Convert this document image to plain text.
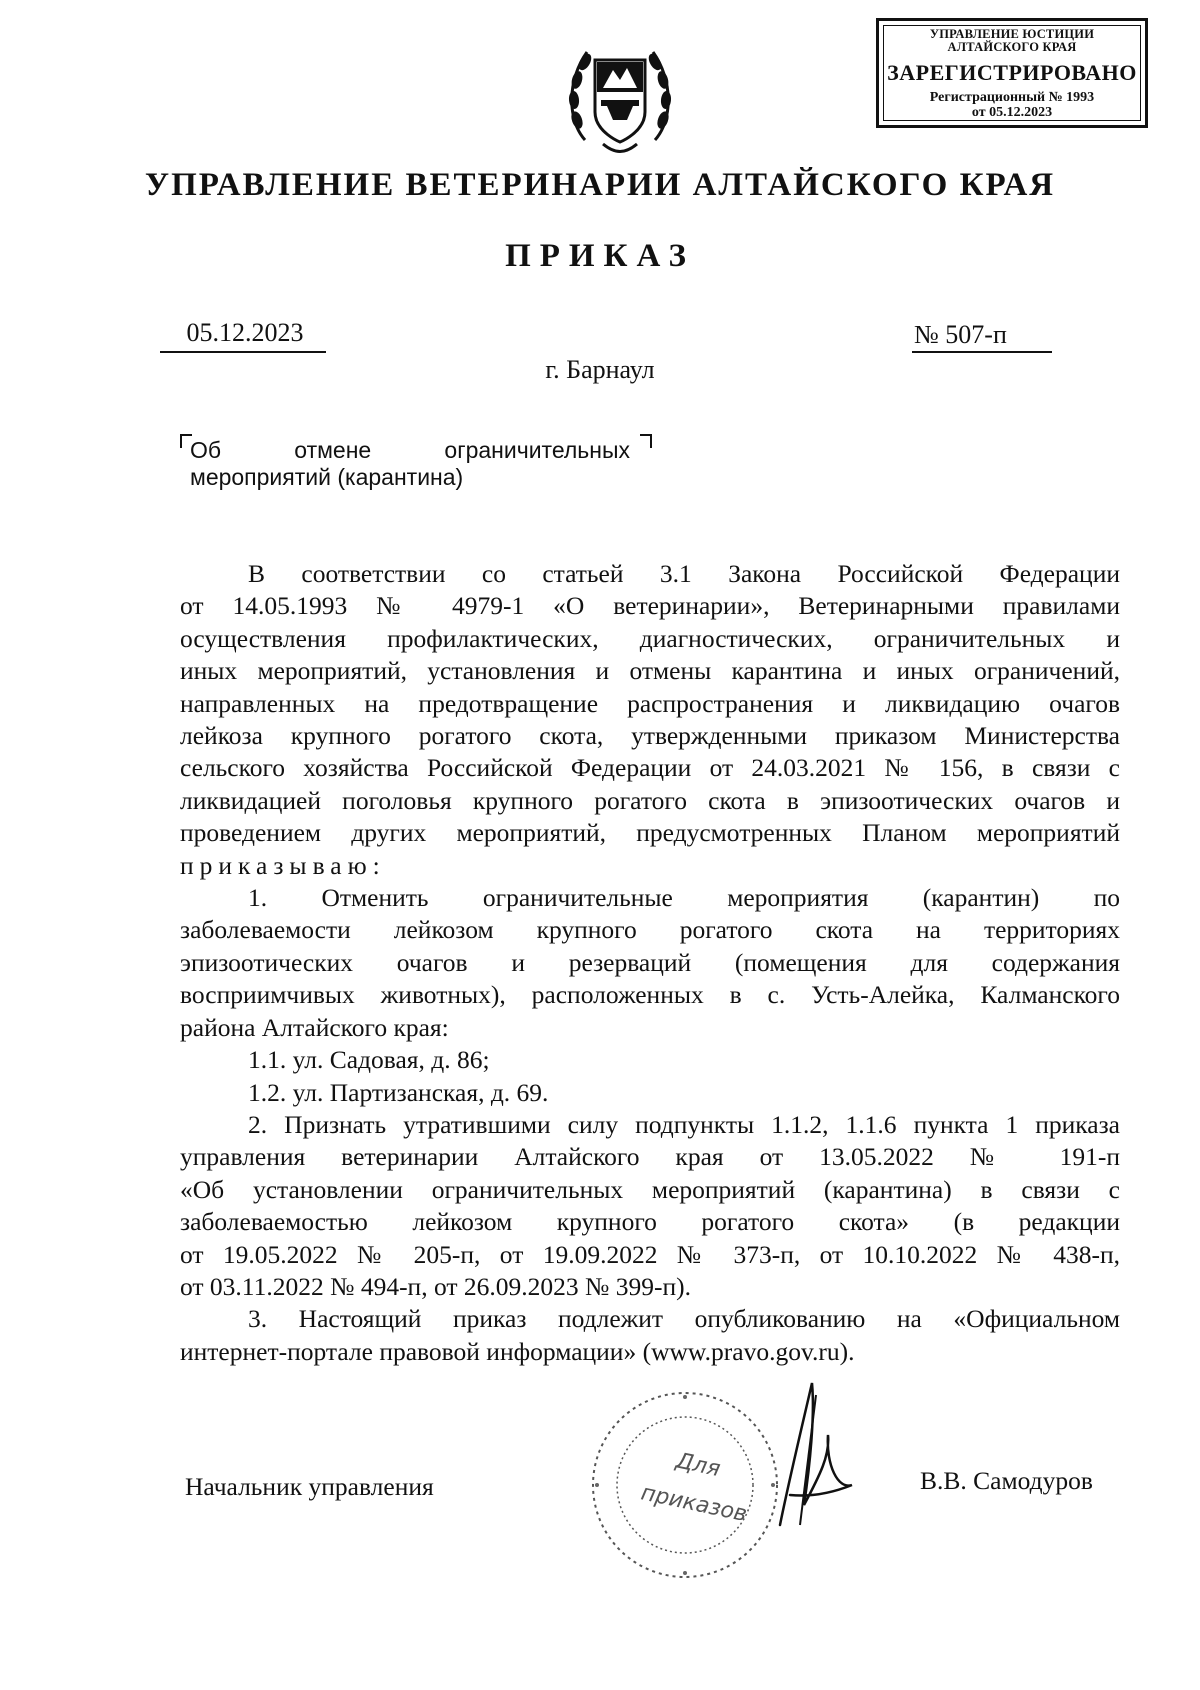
УПРАВЛЕНИЕ ЮСТИЦИИ
АЛТАЙСКОГО КРАЯ
ЗАРЕГИСТРИРОВАНО
Регистрационный № 1993
от 05.12.2023
УПРАВЛЕНИЕ ВЕТЕРИНАРИИ АЛТАЙСКОГО КРАЯ
ПРИКАЗ
05.12.2023	№ 507-п
г. Барнаул
Об	отмене	ограничительных
мероприятий (карантина)

В соответствии со статьей 3.1 Закона Российской Федерации

от 14.05.1993 № 4979-1 «О ветеринарии», Ветеринарными правилами

осуществления профилактических, диагностических, ограничительных и

иных мероприятий, установления и отмены карантина и иных ограничений,

направленных на предотвращение распространения и ликвидацию очагов

лейкоза крупного рогатого скота, утвержденными приказом Министерства

сельского хозяйства Российской Федерации от 24.03.2021 № 156, в связи с

ликвидацией поголовья крупного рогатого скота в эпизоотических очагов и

проведением других мероприятий, предусмотренных Планом мероприятий

приказываю:

1. Отменить ограничительные мероприятия (карантин) по

заболеваемости лейкозом крупного рогатого скота на территориях

эпизоотических очагов и резерваций (помещения для содержания

восприимчивых животных), расположенных в с. Усть-Алейка, Калманского

района Алтайского края:

1.1. ул. Садовая, д. 86;

1.2. ул. Партизанская, д. 69.

2. Признать утратившими силу подпункты 1.1.2, 1.1.6 пункта 1 приказа

управления ветеринарии Алтайского края от 13.05.2022 № 191-п

«Об установлении ограничительных мероприятий (карантина) в связи с

заболеваемостью лейкозом крупного рогатого скота» (в редакции

от 19.05.2022 № 205-п, от 19.09.2022 № 373-п, от 10.10.2022 № 438-п,

от 03.11.2022 № 494-п, от 26.09.2023 № 399-п).

3. Настоящий приказ подлежит опубликованию на «Официальном

интернет-портале правовой информации» (www.pravo.gov.ru).

Для
приказов
Начальник управления	В.В. Самодуров
